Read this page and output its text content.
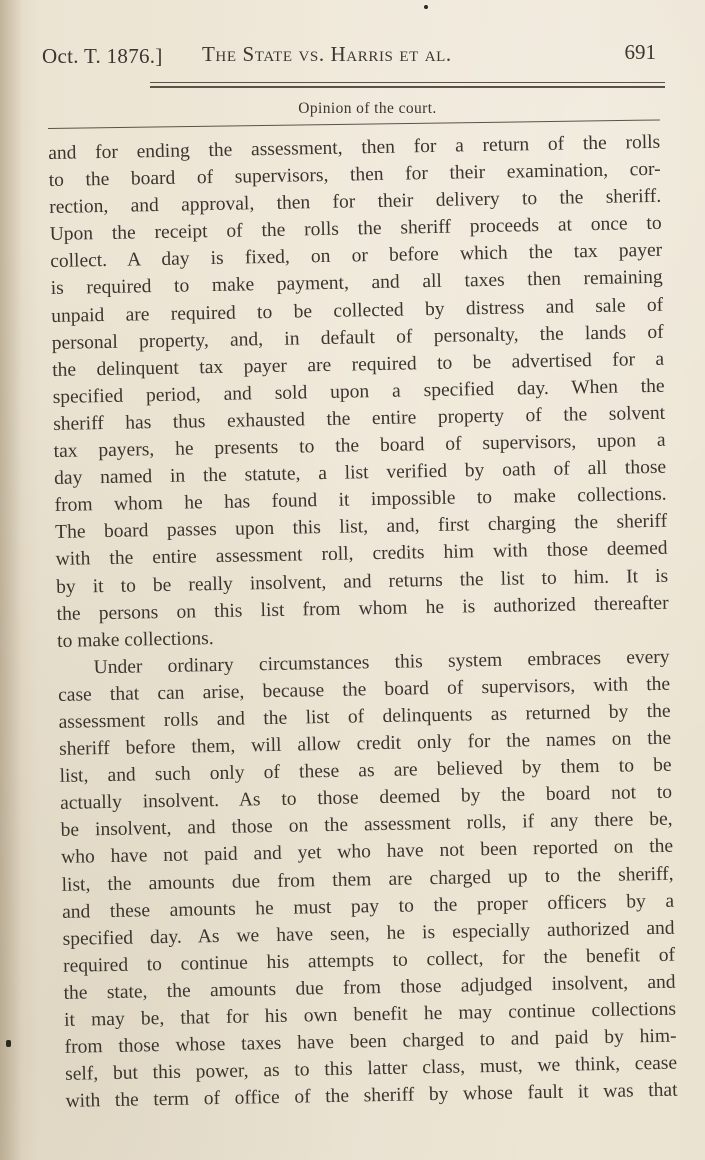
Oct. T. 1876.] The State vs. Harris et al.	691
Opinion of the court.
and for ending the assessment, then for a return of the rolls
to the board of supervisors, then for their examination, cor-
rection, and approval, then for their delivery to the sheriff.
Upon the receipt of the rolls the sheriff proceeds at once to
collect. A day is fixed, on or before which the tax payer
is required to make payment, and all taxes then remaining
unpaid are required to be collected by distress and sale of
personal property, and, in default of personalty, the lands of
the delinquent tax payer are required to be advertised for a
specified period, and sold upon a specified day. When the
sheriff has thus exhausted the entire property of the solvent
tax payers, he presents to the board of supervisors, upon a
day named in the statute, a list verified by oath of all those
from whom he has found it impossible to make collections.
The board passes upon this list, and, first charging the sheriff
with the entire assessment roll, credits him with those deemed
by it to be really insolvent, and returns the list to him. It is
the persons on this list from whom he is authorized thereafter
to make collections.
Under ordinary circumstances this system embraces every
case that can arise, because the board of supervisors, with the
assessment rolls and the list of delinquents as returned by the
sheriff before them, will allow credit only for the names on the
list, and such only of these as are believed by them to be
actually insolvent. As to those deemed by the board not to
be insolvent, and those on the assessment rolls, if any there be,
who have not paid and yet who have not been reported on the
list, the amounts due from them are charged up to the sheriff,
and these amounts he must pay to the proper officers by a
specified day. As we have seen, he is especially authorized and
required to continue his attempts to collect, for the benefit of
the state, the amounts due from those adjudged insolvent, and
it may be, that for his own benefit he may continue collections
from those whose taxes have been charged to and paid by him-
self, but this power, as to this latter class, must, we think, cease
with the term of office of the sheriff by whose fault it was that
